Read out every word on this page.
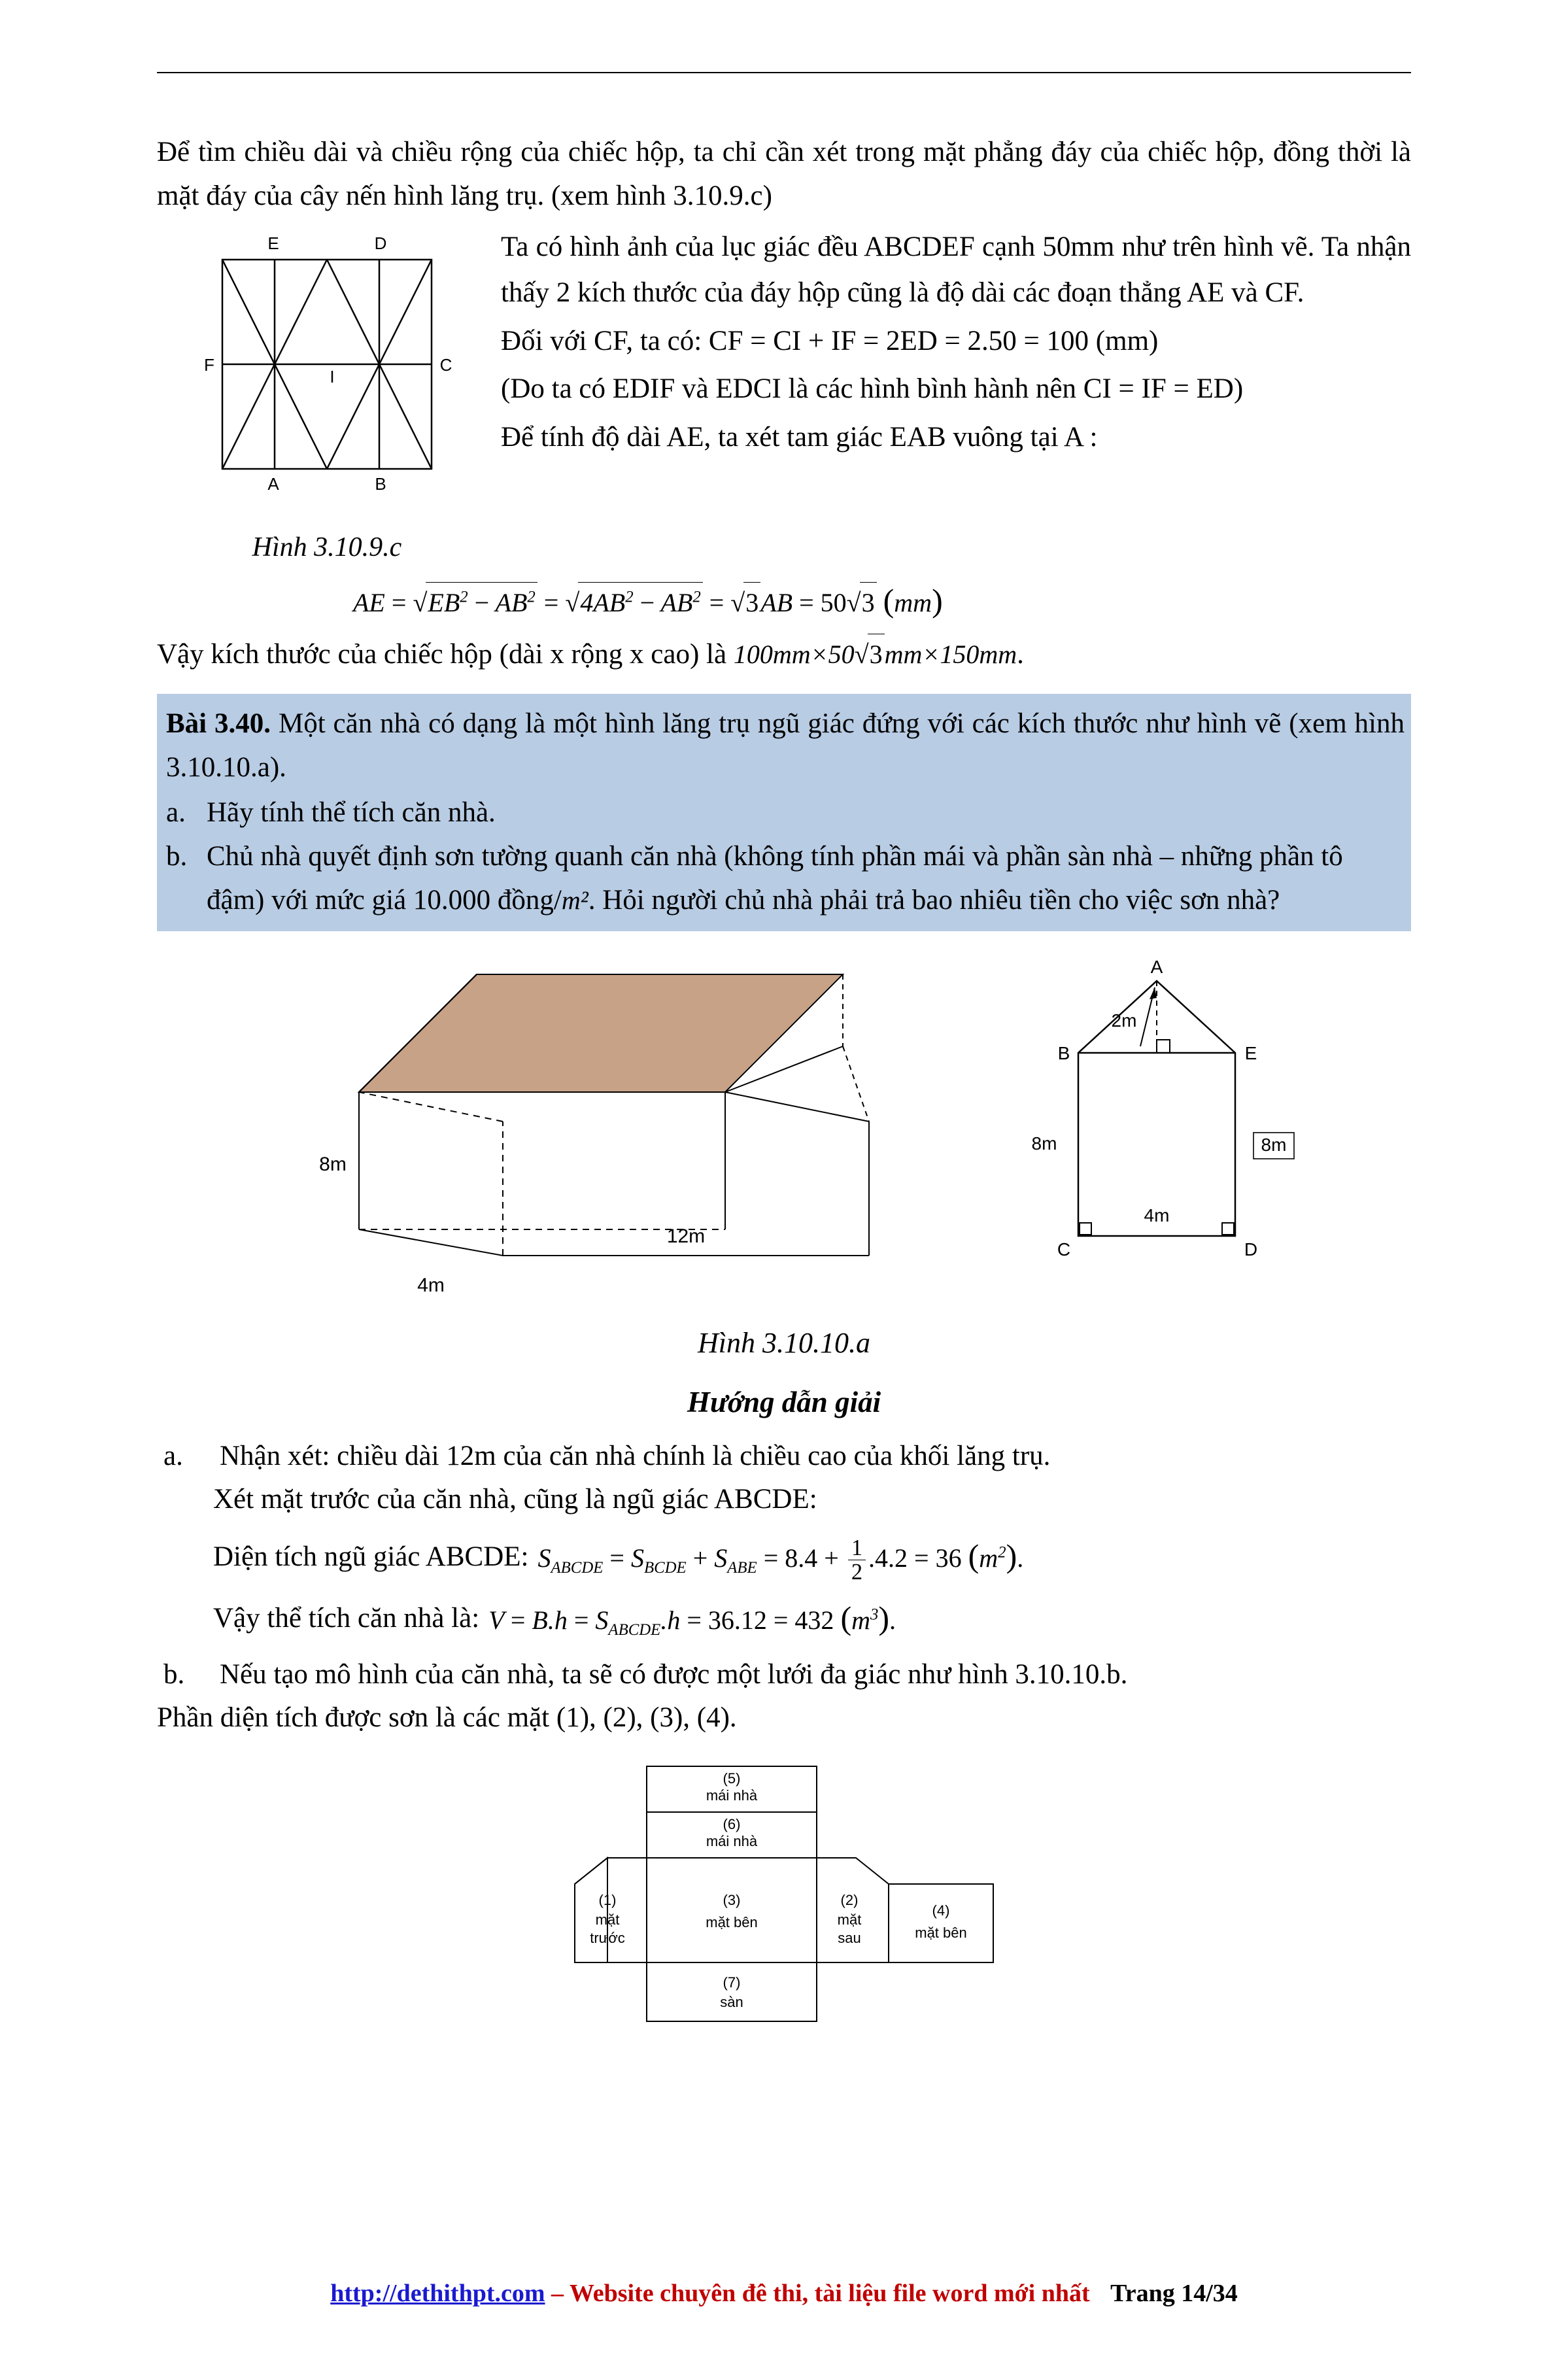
Để tìm chiều dài và chiều rộng của chiếc hộp, ta chỉ cần xét trong mặt phẳng đáy của chiếc hộp, đồng thời là mặt đáy của cây nến hình lăng trụ. (xem hình 3.10.9.c)

E	D
F	C
I
A	B
Hình 3.10.9.c

Ta có hình ảnh của lục giác đều ABCDEF cạnh 50mm như trên hình vẽ. Ta nhận thấy 2 kích thước của đáy hộp cũng là độ dài các đoạn thẳng AE và CF.

Đối với CF, ta có: CF = CI + IF = 2ED = 2.50 = 100 (mm)

(Do ta có EDIF và EDCI là các hình bình hành nên CI = IF = ED)

Để tính độ dài AE, ta xét tam giác EAB vuông tại A :

AE = $√EB^2 - AB^2 = √4AB^2 - AB^2 = √3AB = 50√3$ (mm)

Vậy kích thước của chiếc hộp (dài x rộng x cao) là 100mm×50√3mm×150mm.

Bài 3.40. Một căn nhà có dạng là một hình lăng trụ ngũ giác đứng với các kích thước như hình vẽ (xem hình 3.10.10.a).

a. Hãy tính thể tích căn nhà.
b. Chủ nhà quyết định sơn tường quanh căn nhà (không tính phần mái và phần sàn nhà – những phần tô đậm) với mức giá 10.000 đồng/m². Hỏi người chủ nhà phải trả bao nhiêu tiền cho việc sơn nhà?
8m
4m
12m
A
B	E
C	D
2m
8m	8m
4m
Hình 3.10.10.a
Hướng dẫn giải
a.	Nhận xét: chiều dài 12m của căn nhà chính là chiều cao của khối lăng trụ.

Xét mặt trước của căn nhà, cũng là ngũ giác ABCDE:

Diện tích ngũ giác ABCDE: $S_{ABCDE} = S_{BCDE} + S_{ABE} = 8.4 + \frac{1}{2} .4.2 = 36$ $(m^2)$.
Vậy thể tích căn nhà là: $V = B.h = S_{ABCDE}.h = 36.12 = 432$ $(m^3)$.
b.	Nếu tạo mô hình của căn nhà, ta sẽ có được một lưới đa giác như hình 3.10.10.b.

Phần diện tích được sơn là các mặt (1), (2), (3), (4).

(5)
mái nhà
(6)
mái nhà
(3)
mặt bên
(7)
sàn
(1)
mặt
trước
(2)
mặt
sau
(4)
mặt bên
http://dethithpt.com – Website chuyên đê thi, tài liệu file word mới nhất Trang 14/34
